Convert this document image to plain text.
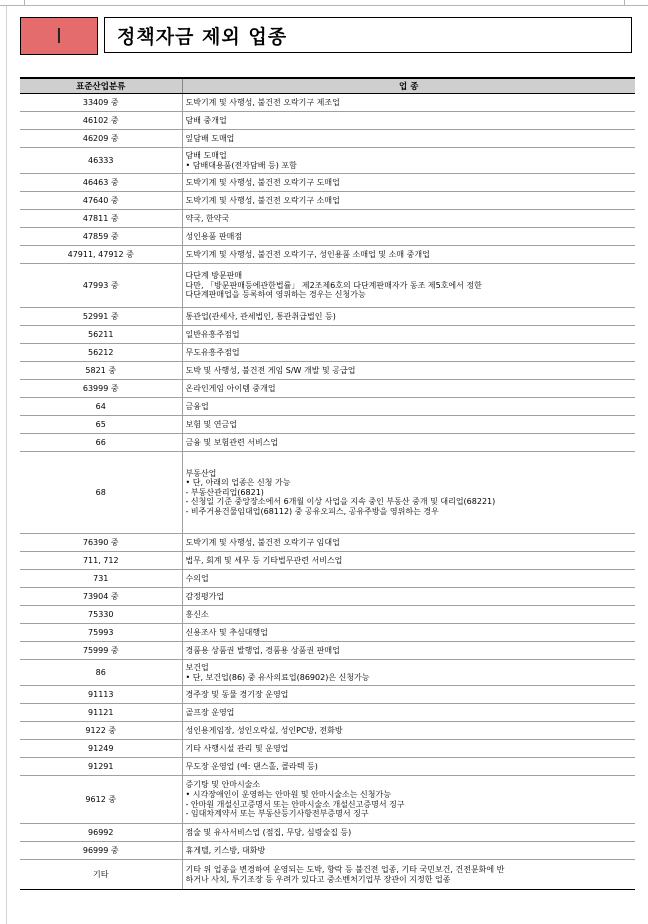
Ⅰ	정책자금 제외 업종
표준산업분류	업 종
33409 중	도박기계 및 사행성, 불건전 오락기구 제조업

46102 중	담배 중개업

46209 중	잎담배 도매업

46333	담배 도매업
• 담배대용품(전자담배 등) 포함

46463 중	도박기계 및 사행성, 불건전 오락기구 도매업

47640 중	도박기계 및 사행성, 불건전 오락기구 소매업

47811 중	약국, 한약국

47859 중	성인용품 판매점

47911, 47912 중	도박기계 및 사행성, 불건전 오락기구, 성인용품 소매업 및 소매 중개업

47993 중	다단계 방문판매
다만, 「방문판매등에관한법률」 제2조제6호의 다단계판매자가 동조 제5호에서 정한
다단계판매업을 등록하여 영위하는 경우는 신청가능

52991 중	통관업(관세사, 관세법인, 통관취급법인 등)

56211	일반유흥주점업

56212	무도유흥주점업

5821 중	도박 및 사행성, 불건전 게임 S/W 개발 및 공급업

63999 중	온라인게임 아이템 중개업

64	금융업

65	보험 및 연금업

66	금융 및 보험관련 서비스업

68	부동산업
• 단, 아래의 업종은 신청 가능
- 부동산관리업(6821)
- 신청일 기준 중앙장소에서 6개월 이상 사업을 지속 중인 부동산 중개 및 대리업(68221)
- 비주거용건물임대업(68112) 중 공유오피스, 공유주방을 영위하는 경우

76390 중	도박기계 및 사행성, 불건전 오락기구 임대업

711, 712	법무, 회계 및 세무 등 기타법무관련 서비스업

731	수의업

73904 중	감정평가업

75330	흥신소

75993	신용조사 및 추심대행업

75999 중	경품용 상품권 발행업, 경품용 상품권 판매업

86	보건업
• 단, 보건업(86) 중 유사의료업(86902)은 신청가능

91113	경주장 및 동물 경기장 운영업

91121	골프장 운영업

9122 중	성인용게임장, 성인오락실, 성인PC방, 전화방

91249	기타 사행시설 관리 및 운영업

91291	무도장 운영업 (예: 댄스홀, 콜라텍 등)

9612 중	증기탕 및 안마시술소
• 시각장애인이 운영하는 안마원 및 안마시술소는 신청가능
- 안마원 개설신고증명서 또는 안마시술소 개설신고증명서 징구
- 임대차계약서 또는 부동산등기사항전부증명서 징구

96992	점술 및 유사서비스업 (점집, 무당, 심령술집 등)

96999 중	휴게텔, 키스방, 대화방

기타	기타 위 업종을 변경하여 운영되는 도박, 향락 등 불건전 업종, 기타 국민보건, 건전문화에 반
하거나 사치, 투기조장 등 우려가 있다고 중소벤처기업부 장관이 지정한 업종
